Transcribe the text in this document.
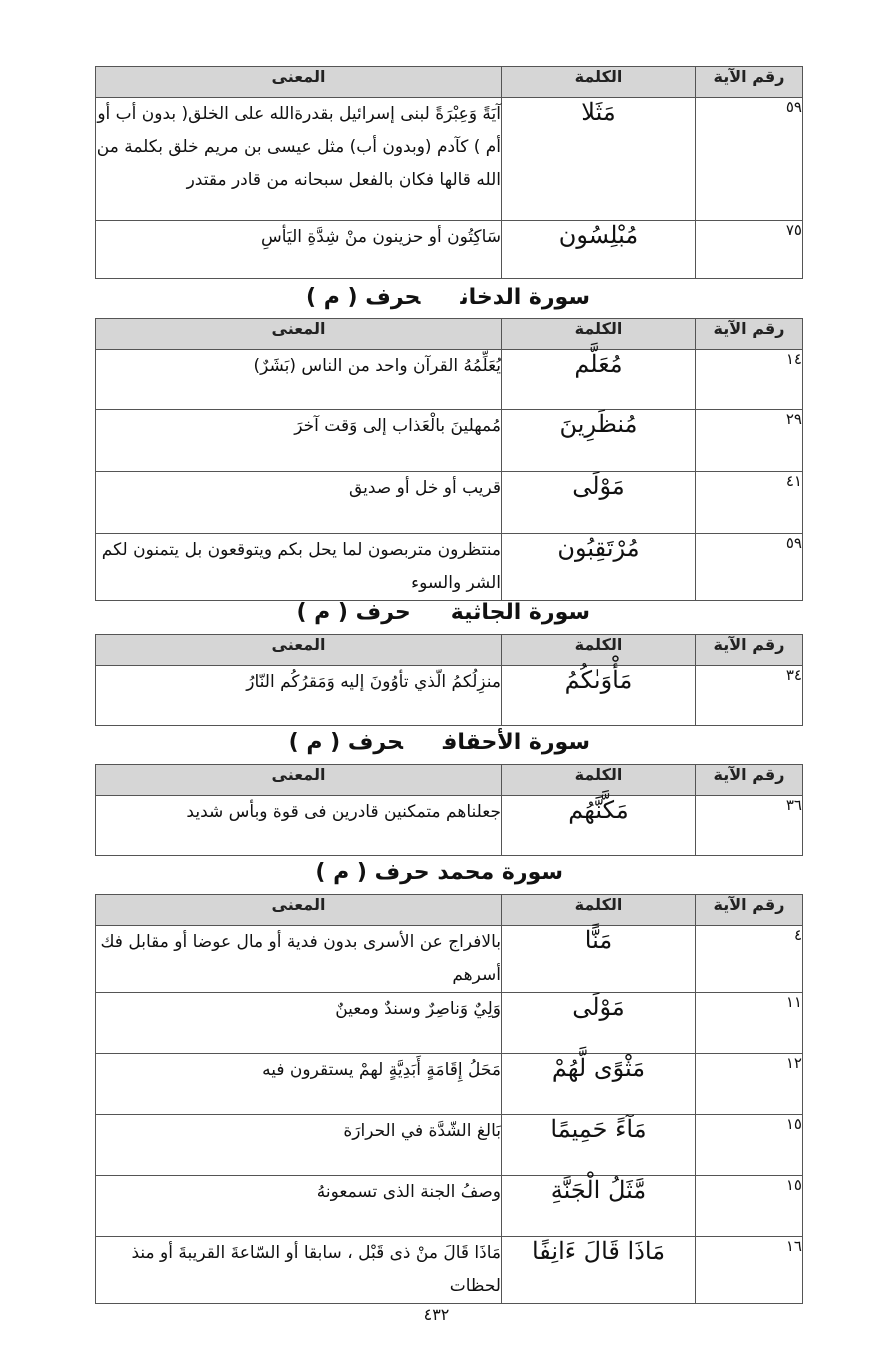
رقم الآية	الكلمة	المعنى
٥٩	مَثَلا	آيَةً وَعِبْرَةً لبنى إسرائيل بقدرةالله على الخلق( بدون أب أو أم ) كآدم (وبدون أب) مثل عيسى بن مريم خلق بكلمة من الله قالها فكان بالفعل سبحانه من قادر مقتدر
٧٥	مُبْلِسُون	سَاكِتُون أو حزينون منْ شِدَّةِ اليَأسِ
سورة الدخانحرف ( م )
رقم الآية	الكلمة	المعنى
١٤	مُعَلَّم	يُعَلِّمُهُ القرآن واحد من الناس (بَشَرٌ)
٢٩	مُنظَرِينَ	مُمهلينَ بالْعَذاب إلى وَقت آخرَ
٤١	مَوْلَى	قريب أو خل أو صديق
٥٩	مُرْتَقِبُون	منتظرون متربصون لما يحل بكم ويتوقعون بل يتمنون لكم الشر والسوء
سورة الجاثيةحرف ( م )
رقم الآية	الكلمة	المعنى
٣٤	مَأْوَىٰكُمُ	منزِلُكمُ الّذي تأوُونَ إليه وَمَقرُكُم النّارُ
سورة الأحقافحرف ( م )
رقم الآية	الكلمة	المعنى
٣٦	مَكَّنَّهُم	جعلناهم متمكنين قادرين فى قوة وبأس شديد
سورة محمد حرف ( م )
رقم الآية	الكلمة	المعنى
٤	مَنًّا	بالافراج عن الأسرى بدون فدية أو مال عوضا أو مقابل فك أسرهم
١١	مَوْلَى	وَلِيٌ وَناصِرٌ وسندٌ ومعينٌ
١٢	مَثْوًى لَّهُمْ	مَحَلُ إِقَامَةٍ أَبَدِيَّةٍ لهمْ يستقرون فيه
١٥	مَآءً حَمِيمًا	بَالغ الشّدَّة في الحرارَة
١٥	مَّثَلُ الْجَنَّةِ	وصفُ الجنة الذى تسمعونهُ
١٦	مَاذَا قَالَ ءَانِفًا	مَاذَا قَالَ منْ ذى قَبْل ، سابقا أو السّاعةَ القريبةَ أو منذ لحظات
٤٣٢
